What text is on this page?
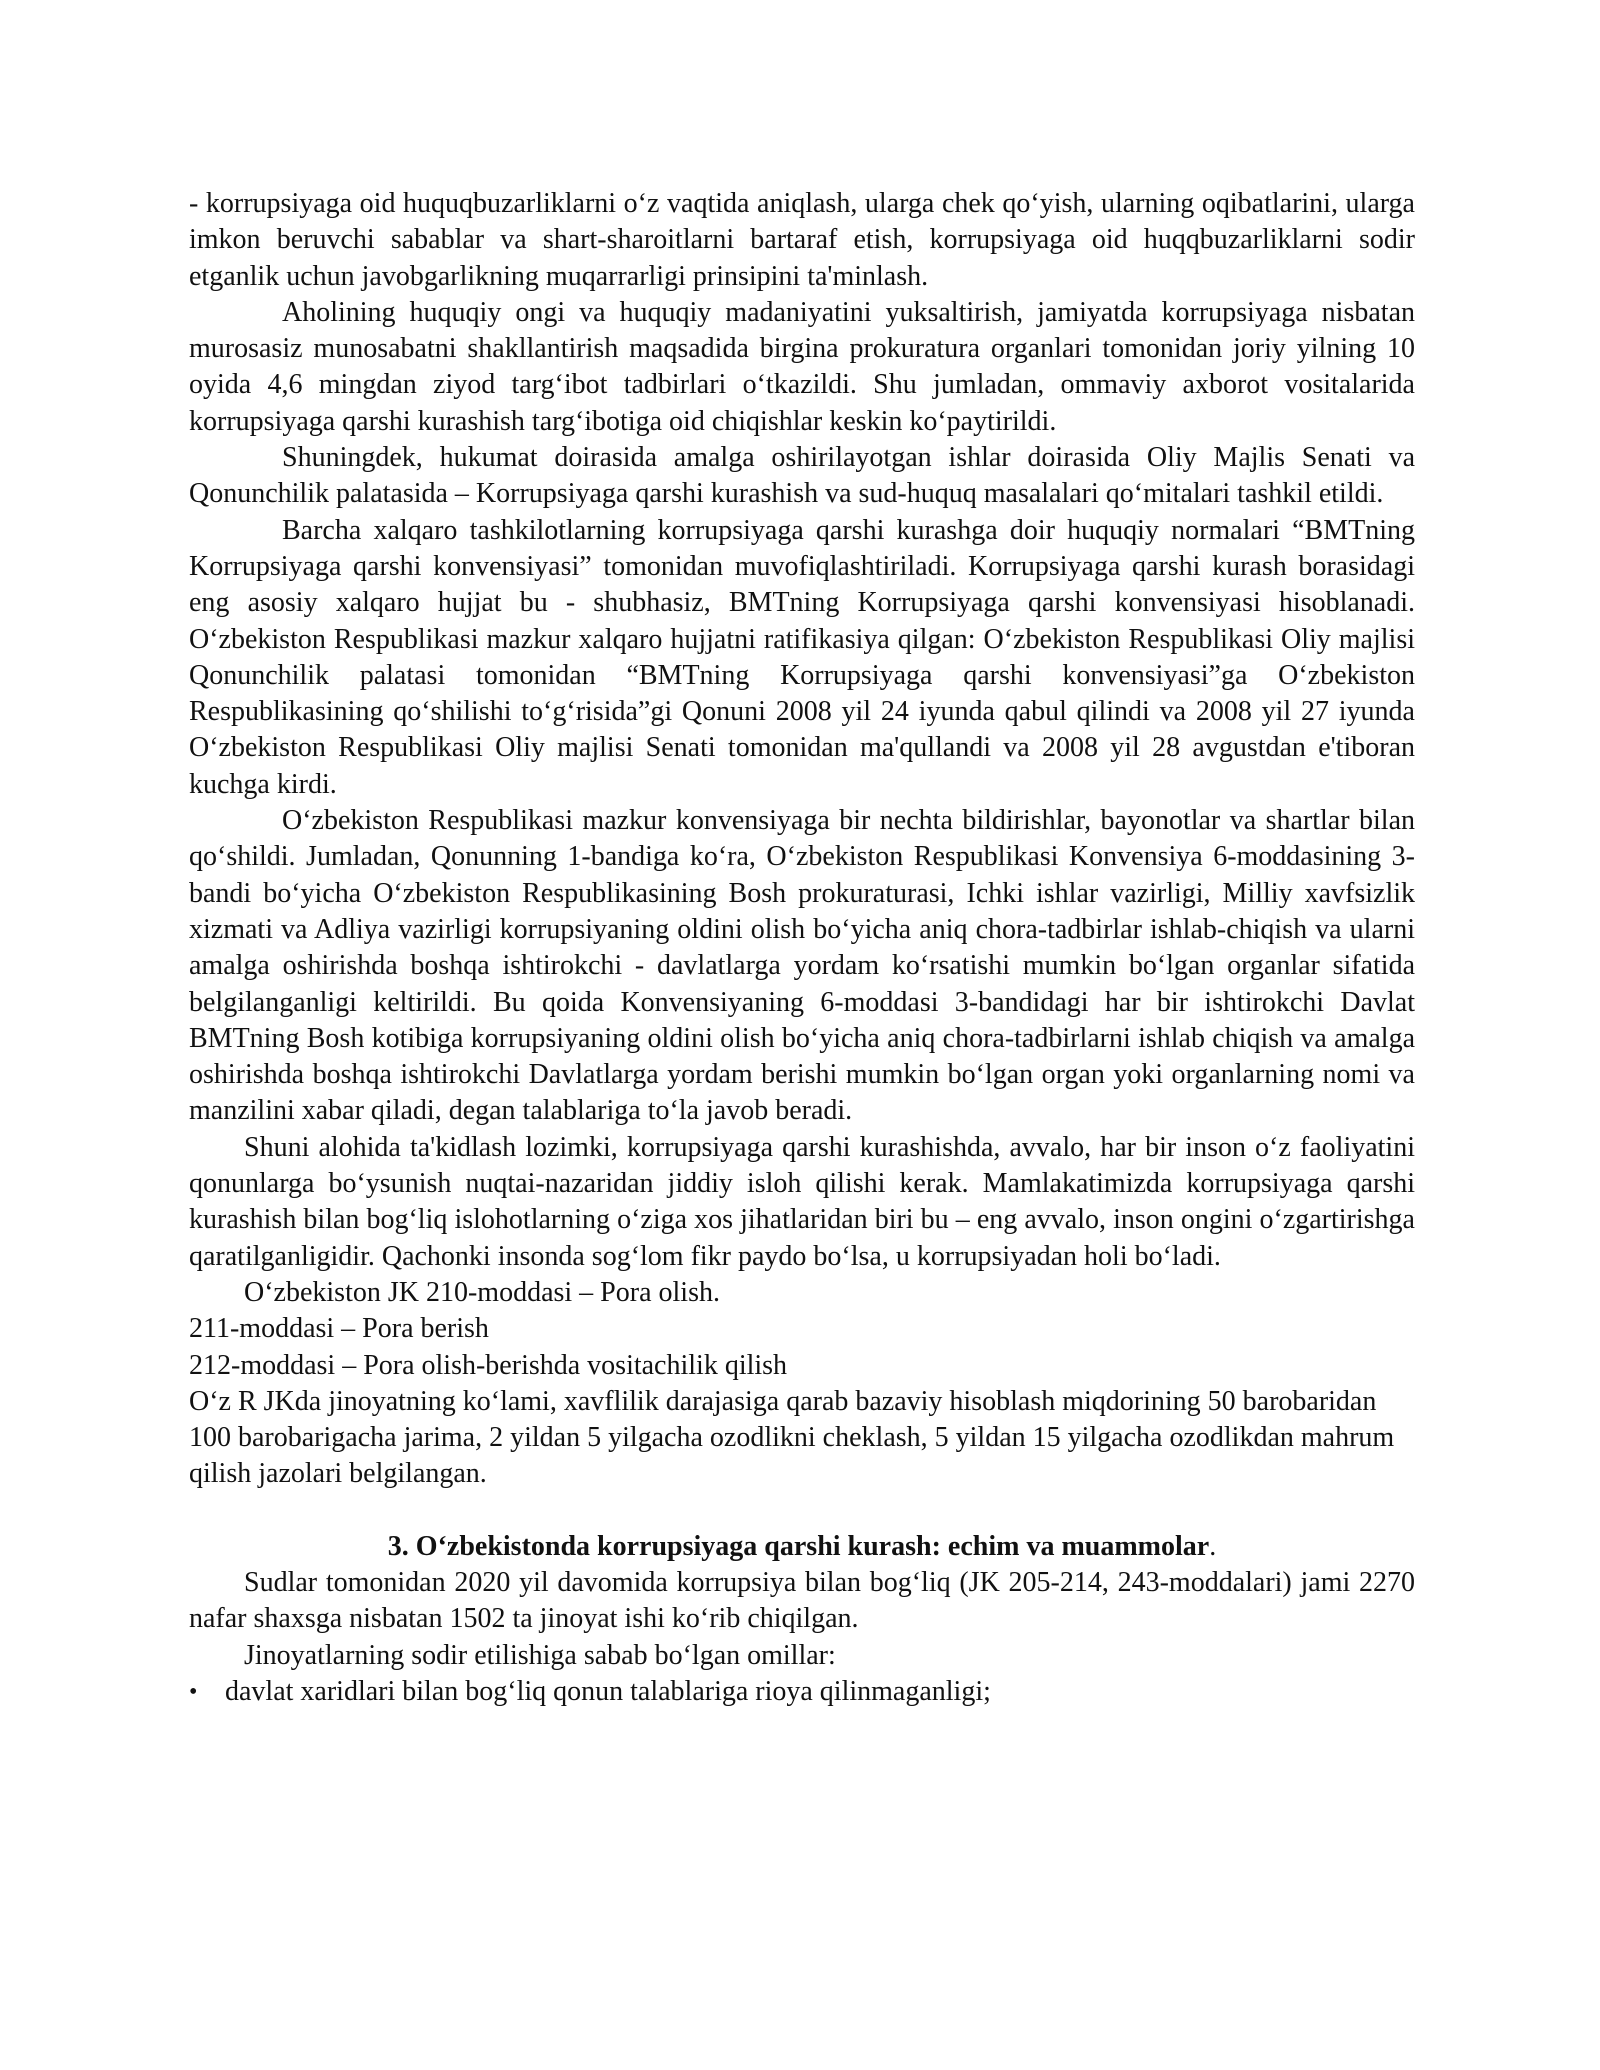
- korrupsiyaga oid huquqbuzarliklarni o‘z vaqtida aniqlash, ularga chek qo‘yish, ularning oqibatlarini, ularga imkon beruvchi sabablar va shart-sharoitlarni bartaraf etish, korrupsiyaga oid huqqbuzarliklarni sodir etganlik uchun javobgarlikning muqarrarligi prinsipini ta'minlash.

Aholining huquqiy ongi va huquqiy madaniyatini yuksaltirish, jamiyatda korrupsiyaga nisbatan murosasiz munosabatni shakllantirish maqsadida birgina prokuratura organlari tomonidan joriy yilning 10 oyida 4,6 mingdan ziyod targ‘ibot tadbirlari o‘tkazildi. Shu jumladan, ommaviy axborot vositalarida korrupsiyaga qarshi kurashish targ‘ibotiga oid chiqishlar keskin ko‘paytirildi.

Shuningdek, hukumat doirasida amalga oshirilayotgan ishlar doirasida Oliy Majlis Senati va Qonunchilik palatasida – Korrupsiyaga qarshi kurashish va sud-huquq masalalari qo‘mitalari tashkil etildi.

Barcha xalqaro tashkilotlarning korrupsiyaga qarshi kurashga doir huquqiy normalari “BMTning Korrupsiyaga qarshi konvensiyasi” tomonidan muvofiqlashtiriladi. Korrupsiyaga qarshi kurash borasidagi eng asosiy xalqaro hujjat bu - shubhasiz, BMTning Korrupsiyaga qarshi konvensiyasi hisoblanadi. O‘zbekiston Respublikasi mazkur xalqaro hujjatni ratifikasiya qilgan: O‘zbekiston Respublikasi Oliy majlisi Qonunchilik palatasi tomonidan “BMTning Korrupsiyaga qarshi konvensiyasi”ga O‘zbekiston Respublikasining qo‘shilishi to‘g‘risida”gi Qonuni 2008 yil 24 iyunda qabul qilindi va 2008 yil 27 iyunda O‘zbekiston Respublikasi Oliy majlisi Senati tomonidan ma'qullandi va 2008 yil 28 avgustdan e'tiboran kuchga kirdi.

O‘zbekiston Respublikasi mazkur konvensiyaga bir nechta bildirishlar, bayonotlar va shartlar bilan qo‘shildi. Jumladan, Qonunning 1-bandiga ko‘ra, O‘zbekiston Respublikasi Konvensiya 6-moddasining 3-bandi bo‘yicha O‘zbekiston Respublikasining Bosh prokuraturasi, Ichki ishlar vazirligi, Milliy xavfsizlik xizmati va Adliya vazirligi korrupsiyaning oldini olish bo‘yicha aniq chora-tadbirlar ishlab-chiqish va ularni amalga oshirishda boshqa ishtirokchi - davlatlarga yordam ko‘rsatishi mumkin bo‘lgan organlar sifatida belgilanganligi keltirildi. Bu qoida Konvensiyaning 6-moddasi 3-bandidagi har bir ishtirokchi Davlat BMTning Bosh kotibiga korrupsiyaning oldini olish bo‘yicha aniq chora-tadbirlarni ishlab chiqish va amalga oshirishda boshqa ishtirokchi Davlatlarga yordam berishi mumkin bo‘lgan organ yoki organlarning nomi va manzilini xabar qiladi, degan talablariga to‘la javob beradi.

Shuni alohida ta'kidlash lozimki, korrupsiyaga qarshi kurashishda, avvalo, har bir inson o‘z faoliyatini qonunlarga bo‘ysunish nuqtai-nazaridan jiddiy isloh qilishi kerak. Mamlakatimizda korrupsiyaga qarshi kurashish bilan bog‘liq islohotlarning o‘ziga xos jihatlaridan biri bu – eng avvalo, inson ongini o‘zgartirishga qaratilganligidir. Qachonki insonda sog‘lom fikr paydo bo‘lsa, u korrupsiyadan holi bo‘ladi.

O‘zbekiston JK 210-moddasi – Pora olish.

211-moddasi – Pora berish

212-moddasi – Pora olish-berishda vositachilik qilish

O‘z R JKda jinoyatning ko‘lami, xavflilik darajasiga qarab bazaviy hisoblash miqdorining 50 barobaridan 100 barobarigacha jarima, 2 yildan 5 yilgacha ozodlikni cheklash, 5 yildan 15 yilgacha ozodlikdan mahrum qilish jazolari belgilangan.

3. O‘zbekistonda korrupsiyaga qarshi kurash: echim va muammolar.

Sudlar tomonidan 2020 yil davomida korrupsiya bilan bog‘liq (JK 205-214, 243-moddalari) jami 2270 nafar shaxsga nisbatan 1502 ta jinoyat ishi ko‘rib chiqilgan.

Jinoyatlarning sodir etilishiga sabab bo‘lgan omillar:

• davlat xaridlari bilan bog‘liq qonun talablariga rioya qilinmaganligi;
